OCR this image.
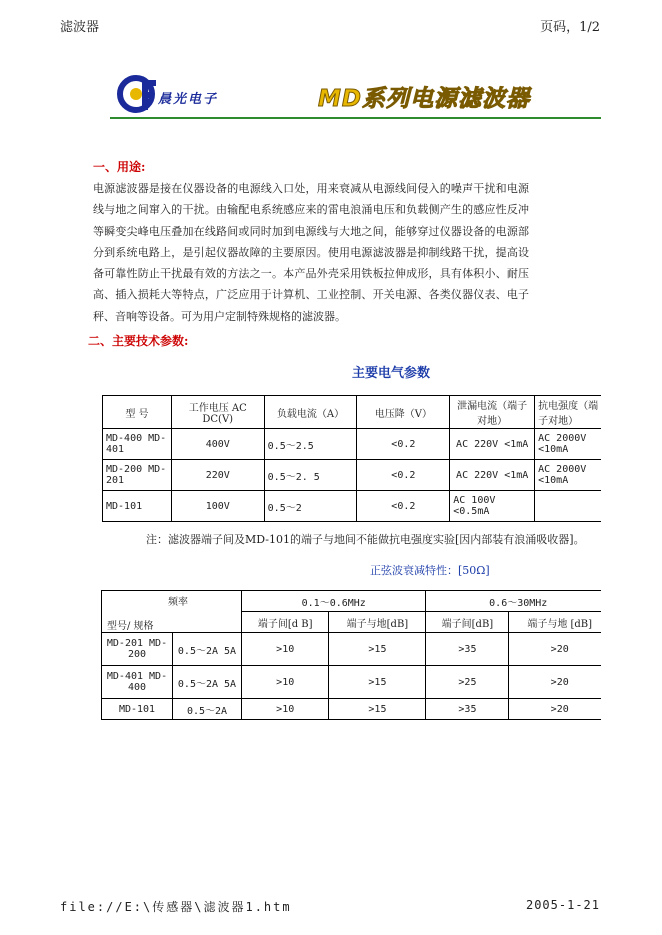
滤波器	页码，1/2
晨光电子	MD系列电源滤波器
一、用途:
电源滤波器是接在仪器设备的电源线入口处，用来衰减从电源线间侵入的噪声干扰和电源线与地之间窜入的干扰。由输配电系统感应来的雷电浪涌电压和负载侧产生的感应性反冲等瞬变尖峰电压叠加在线路间或同时加到电源线与大地之间，能够穿过仪器设备的电源部分到系统电路上，是引起仪器故障的主要原因。使用电源滤波器是抑制线路干扰，提高设备可靠性防止干扰最有效的方法之一。本产品外壳采用铁板拉伸成形，具有体积小、耐压高、插入损耗大等特点，广泛应用于计算机、工业控制、开关电源、各类仪器仪表、电子秤、音响等设备。可为用户定制特殊规格的滤波器。
二、主要技术参数:
主要电气参数
型 号	工作电压 AC DC(V)	负载电流（A）	电压降（V）	泄漏电流（端子对地）	抗电强度（端子对地）
MD-400 MD-401	400V	0.5～2.5	<0.2	AC 220V <1mA	AC 2000V <10mA
MD-200 MD-201	220V	0.5～2. 5	<0.2	AC 220V <1mA	AC 2000V <10mA
MD-101	100V	0.5～2	<0.2	AC 100V <0.5mA	
注：滤波器端子间及MD-101的端子与地间不能做抗电强度实验[因内部装有浪涌吸收器]。
正弦波衰减特性：[50Ω]
频率
型号/ 规格		0.1～0.6MHz		0.6～30MHz	
		端子间[d B]	端子与地[dB]	端子间[dB]	端子与地 [dB]
MD-201 MD-200	0.5～2A 5A	>10	>15	>35	>20
MD-401 MD-400	0.5～2A 5A	>10	>15	>25	>20
MD-101	0.5～2A	>10	>15	>35	>20
file://E:\传感器\滤波器1.htm	2005-1-21
